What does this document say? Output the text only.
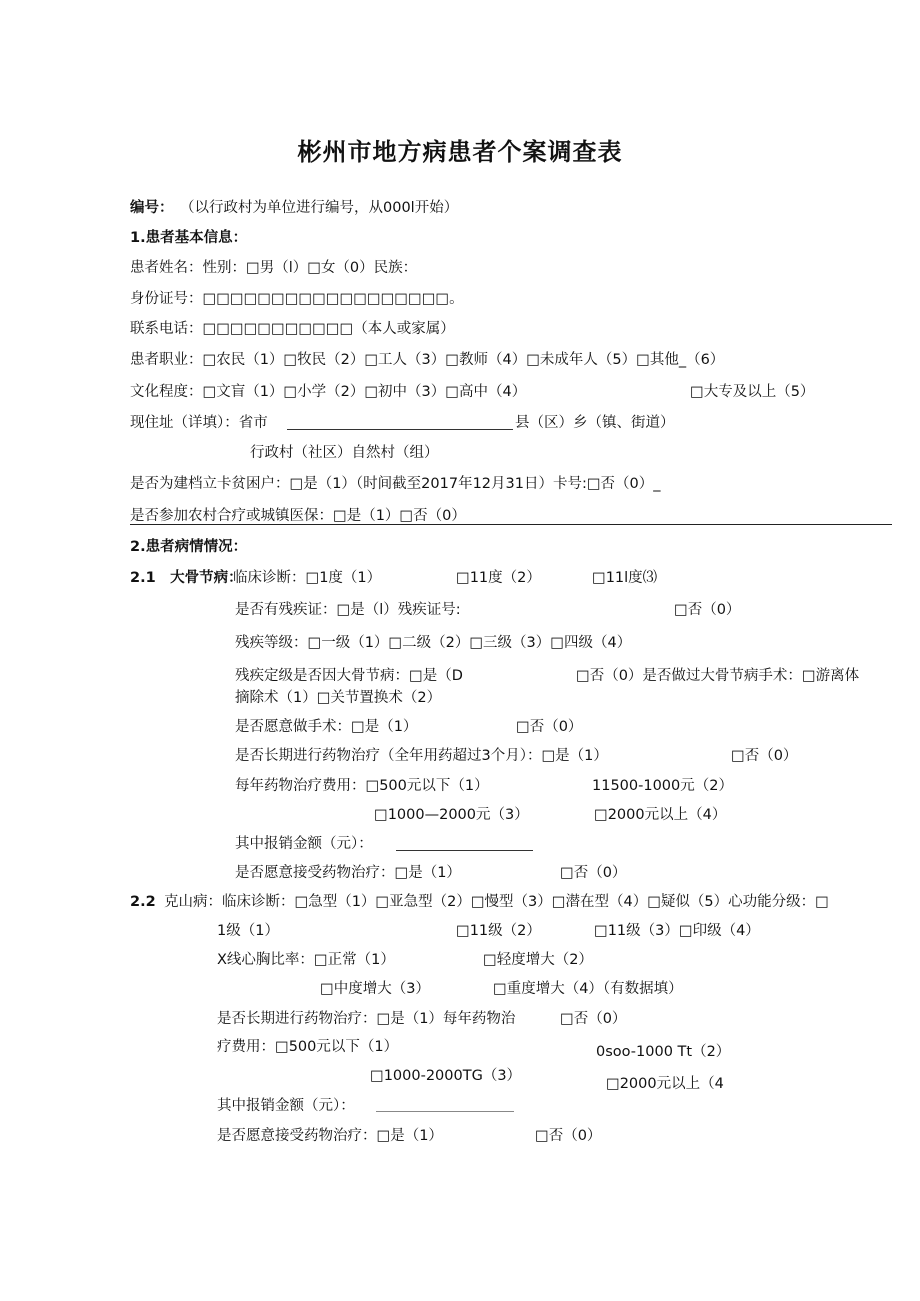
彬州市地方病患者个案调查表
编号： （以行政村为单位进行编号，从000l开始）
1.患者基本信息：
患者姓名：性别：□男（l）□女（0）民族：
身份证号：□□□□□□□□□□□□□□□□□□。
联系电话：□□□□□□□□□□□（本人或家属）
患者职业：□农民（1）□牧民（2）□工人（3）□教师（4）□未成年人（5）□其他_（6）
文化程度：□文盲（1）□小学（2）□初中（3）□高中（4）	□大专及以上（5）
现住址（详填）：省市	县（区）乡（镇、街道）
行政村（社区）自然村（组）
是否为建档立卡贫困户：□是（1）（时间截至2017年12月31日）卡号:□否（0）_
是否参加农村合疗或城镇医保：□是（1）□否（0）
2.患者病情情况：
2.1　大骨节病：
临床诊断：□1度（1）	□11度（2）	□11l度⑶
是否有残疾证：□是（l）残疾证号:	□否（0）
残疾等级：□一级（1）□二级（2）□三级（3）□四级（4）
残疾定级是否因大骨节病：□是（D	□否（0）是否做过大骨节病手术：□游离体
摘除术（1）□关节置换术（2）
是否愿意做手术：□是（1）	□否（0）
是否长期进行药物治疗（全年用药超过3个月）：□是（1）	□否（0）
每年药物治疗费用：□500元以下（1）	11500-1000元（2）
□1000—2000元（3）	□2000元以上（4）
其中报销金额（元）：
是否愿意接受药物治疗：□是（1）	□否（0）
2.2 克山病：临床诊断：□急型（1）□亚急型（2）□慢型（3）□潜在型（4）□疑似（5）心功能分级：□
1级（1）	□11级（2）	□11级（3）□印级（4）
X线心胸比率：□正常（1）	□轻度增大（2）
□中度增大（3）	□重度增大（4）（有数据填）
是否长期进行药物治疗：□是（1）每年药物治	□否（0）
疗费用：□500元以下（1）	0soo-1000 Tt（2）
□1000-2000TG（3）	□2000元以上（4
其中报销金额（元）：
是否愿意接受药物治疗：□是（1）	□否（0）
